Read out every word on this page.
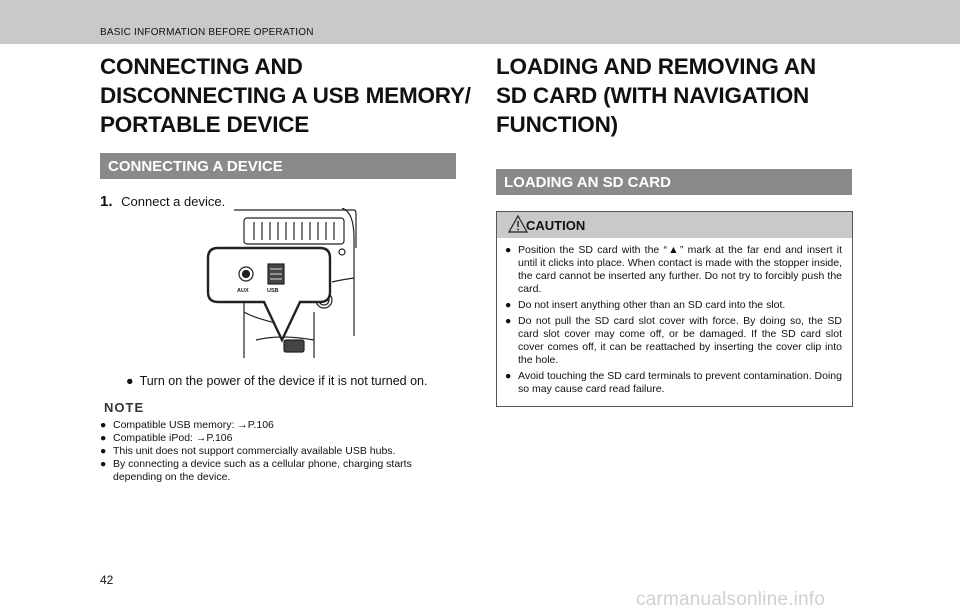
BASIC INFORMATION BEFORE OPERATION
CONNECTING AND
DISCONNECTING A USB MEMORY/
PORTABLE DEVICE
CONNECTING A DEVICE
1. Connect a device.
AUX	USB
● Turn on the power of the device if it is not turned on.
NOTE
● Compatible USB memory: →P.106
● Compatible iPod: →P.106
● This unit does not support commercially available USB hubs.
● By connecting a device such as a cellular phone, charging starts depending on the device.
LOADING AND REMOVING AN
SD CARD (WITH NAVIGATION
FUNCTION)
LOADING AN SD CARD
CAUTION
● Position the SD card with the “▲” mark at the far end and insert it until it clicks into place. When contact is made with the stopper inside, the card cannot be inserted any further. Do not try to forcibly push the card.
● Do not insert anything other than an SD card into the slot.
● Do not pull the SD card slot cover with force. By doing so, the SD card slot cover may come off, or be damaged. If the SD card slot cover comes off, it can be reattached by inserting the cover clip into the hole.
● Avoid touching the SD card terminals to prevent contamination. Doing so may cause card read failure.
42
carmanualsonline.info
